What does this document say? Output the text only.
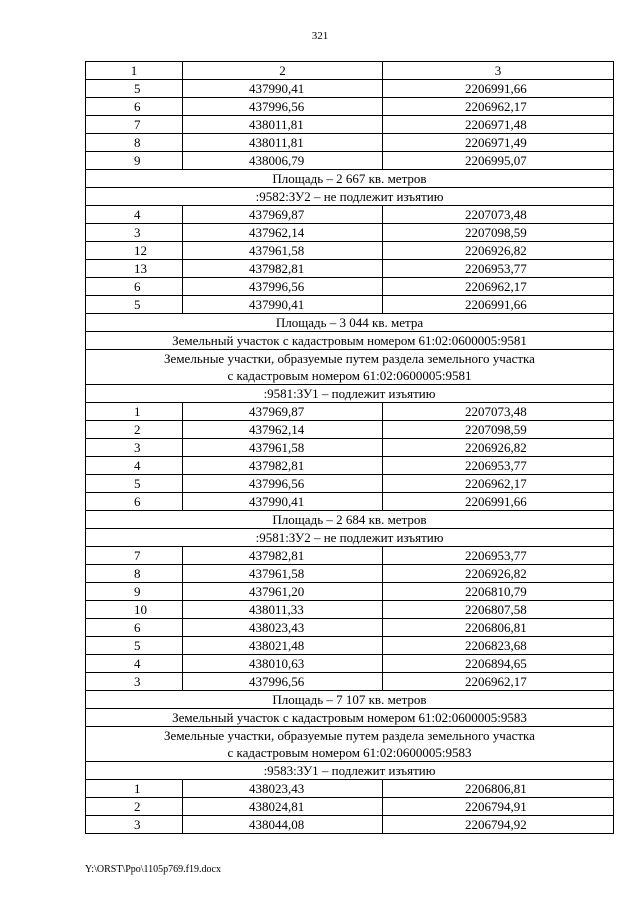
321
1	2	3
5	437990,41	2206991,66
6	437996,56	2206962,17
7	438011,81	2206971,48
8	438011,81	2206971,49
9	438006,79	2206995,07

Площадь – 2 667 кв. метров		

:9582:ЗУ2 – не подлежит изъятию		

4	437969,87	2207073,48
3	437962,14	2207098,59
12	437961,58	2206926,82
13	437982,81	2206953,77
6	437996,56	2206962,17
5	437990,41	2206991,66

Площадь – 3 044 кв. метра		

Земельный участок с кадастровым номером 61:02:0600005:9581		

Земельные участки, образуемые путем раздела земельного участка
с кадастровым номером 61:02:0600005:9581		

:9581:ЗУ1 – подлежит изъятию		

1	437969,87	2207073,48
2	437962,14	2207098,59
3	437961,58	2206926,82
4	437982,81	2206953,77
5	437996,56	2206962,17
6	437990,41	2206991,66

Площадь – 2 684 кв. метров		

:9581:ЗУ2 – не подлежит изъятию		

7	437982,81	2206953,77
8	437961,58	2206926,82
9	437961,20	2206810,79
10	438011,33	2206807,58
6	438023,43	2206806,81
5	438021,48	2206823,68
4	438010,63	2206894,65
3	437996,56	2206962,17

Площадь – 7 107 кв. метров		

Земельный участок с кадастровым номером 61:02:0600005:9583		

Земельные участки, образуемые путем раздела земельного участка
с кадастровым номером 61:02:0600005:9583		

:9583:ЗУ1 – подлежит изъятию		

1	438023,43	2206806,81
2	438024,81	2206794,91
3	438044,08	2206794,92
Y:\ORST\Ppo\1105p769.f19.docx
